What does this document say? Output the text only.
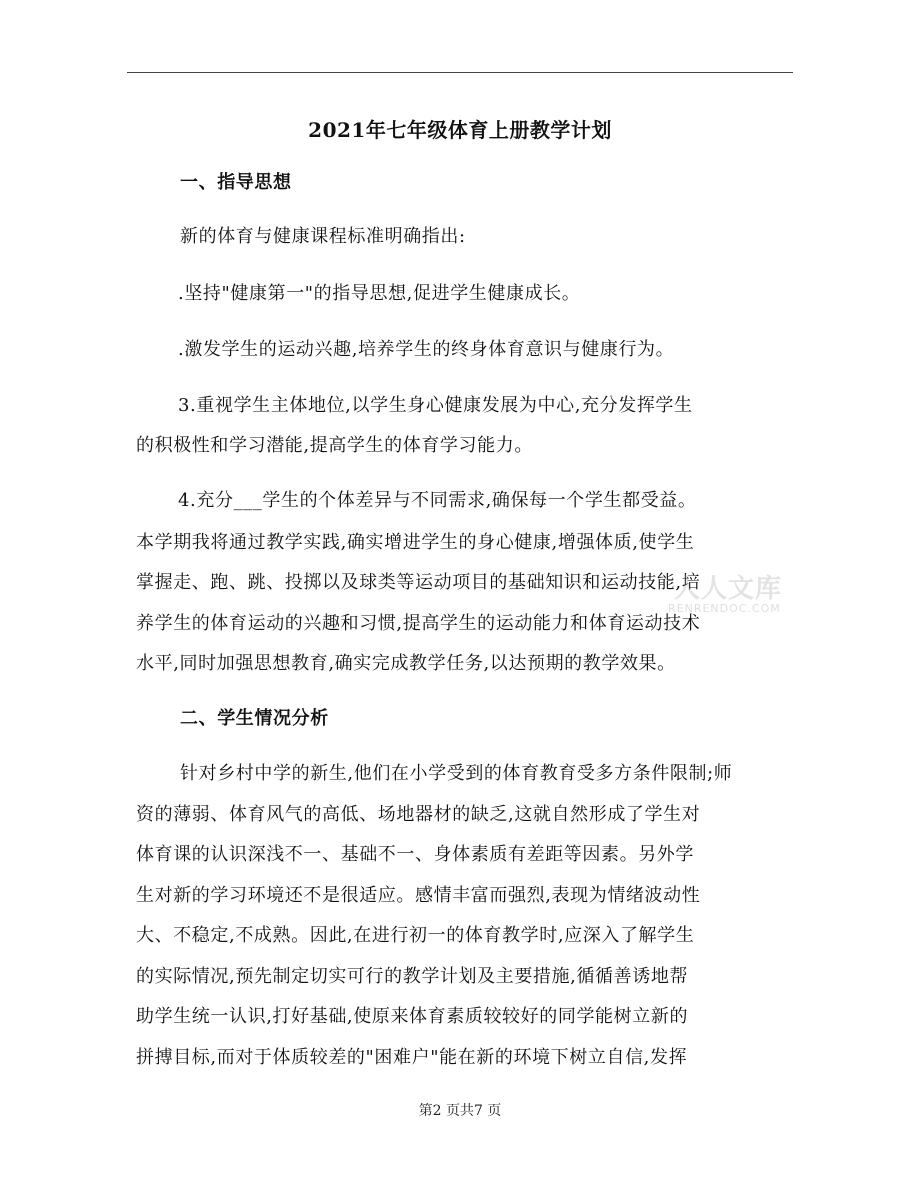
2021年七年级体育上册教学计划
一、指导思想
新的体育与健康课程标准明确指出:
.坚持"健康第一"的指导思想,促进学生健康成长。
.激发学生的运动兴趣,培养学生的终身体育意识与健康行为。
3.重视学生主体地位,以学生身心健康发展为中心,充分发挥学生
的积极性和学习潜能,提高学生的体育学习能力。
4.充分___学生的个体差异与不同需求,确保每一个学生都受益。
本学期我将通过教学实践,确实增进学生的身心健康,增强体质,使学生
掌握走、跑、跳、投掷以及球类等运动项目的基础知识和运动技能,培
养学生的体育运动的兴趣和习惯,提高学生的运动能力和体育运动技术
水平,同时加强思想教育,确实完成教学任务,以达预期的教学效果。
二、学生情况分析
针对乡村中学的新生,他们在小学受到的体育教育受多方条件限制;师
资的薄弱、体育风气的高低、场地器材的缺乏,这就自然形成了学生对
体育课的认识深浅不一、基础不一、身体素质有差距等因素。另外学
生对新的学习环境还不是很适应。感情丰富而强烈,表现为情绪波动性
大、不稳定,不成熟。因此,在进行初一的体育教学时,应深入了解学生
的实际情况,预先制定切实可行的教学计划及主要措施,循循善诱地帮
助学生统一认识,打好基础,使原来体育素质较较好的同学能树立新的
拼搏目标,而对于体质较差的"困难户"能在新的环境下树立自信,发挥
人人文库
RENRENDOC.COM
第2 页共7 页
